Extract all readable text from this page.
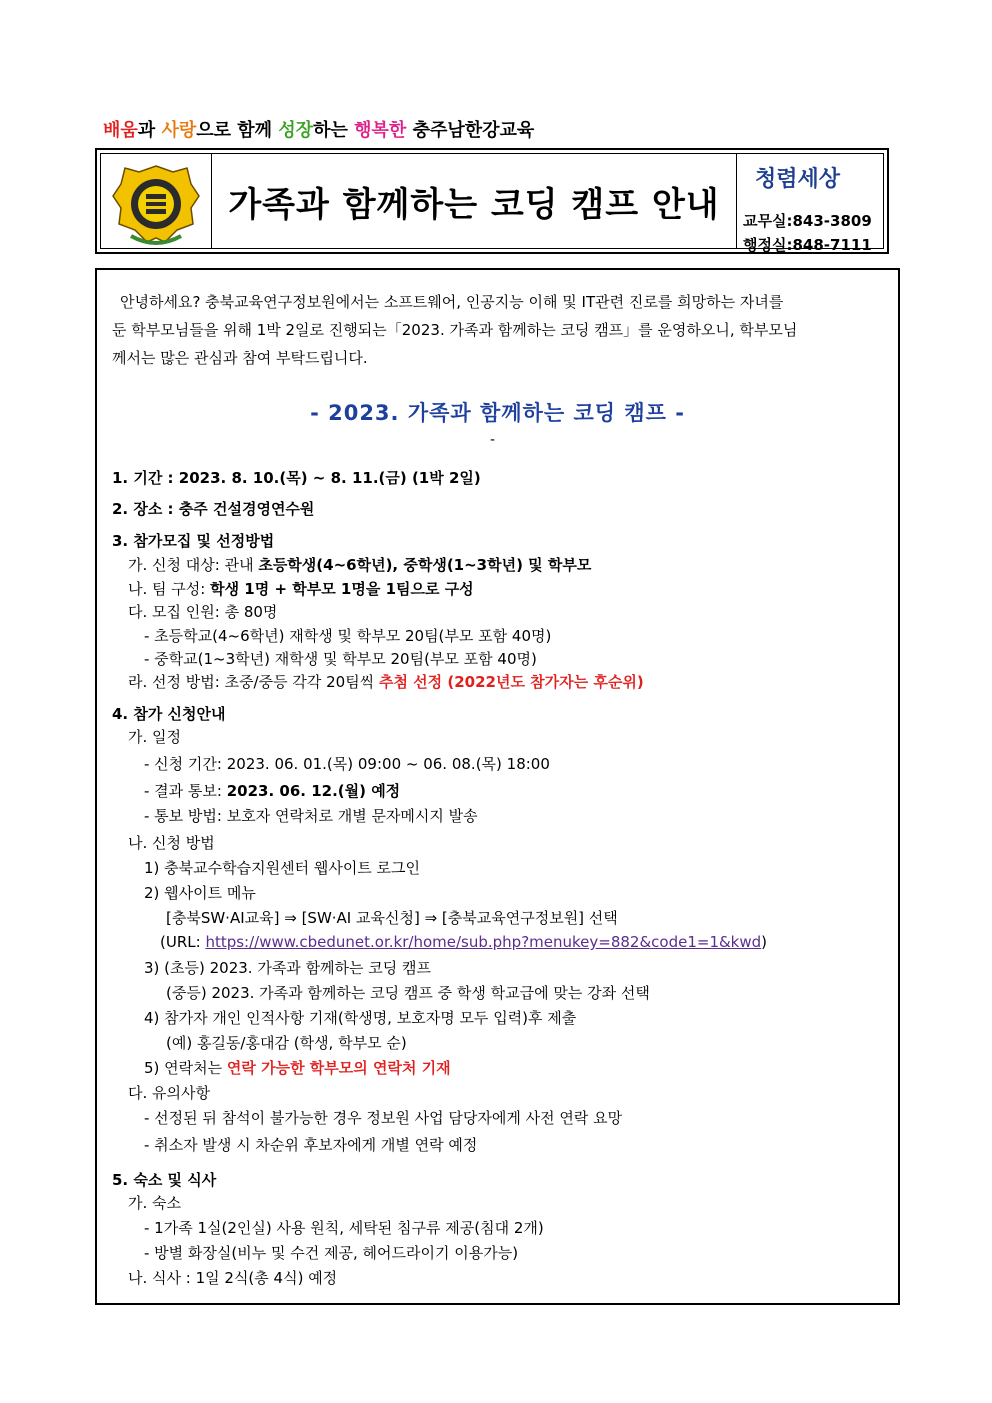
배움과 사랑으로 함께 성장하는 행복한 충주남한강교육
가족과 함께하는 코딩 캠프 안내
청렴세상
교무실:843-3809
행정실:848-7111
안녕하세요? 충북교육연구정보원에서는 소프트웨어, 인공지능 이해 및 IT관련 진로를 희망하는 자녀를
둔 학부모님들을 위해 1박 2일로 진행되는「2023. 가족과 함께하는 코딩 캠프」를 운영하오니, 학부모님
께서는 많은 관심과 참여 부탁드립니다.
- 2023. 가족과 함께하는 코딩 캠프 -
-
1. 기간 : 2023. 8. 10.(목) ~ 8. 11.(금) (1박 2일)
2. 장소 : 충주 건설경영연수원
3. 참가모집 및 선정방법
가. 신청 대상: 관내 초등학생(4~6학년), 중학생(1~3학년) 및 학부모
나. 팀 구성: 학생 1명 + 학부모 1명을 1팀으로 구성
다. 모집 인원: 총 80명
- 초등학교(4~6학년) 재학생 및 학부모 20팀(부모 포함 40명)
- 중학교(1~3학년) 재학생 및 학부모 20팀(부모 포함 40명)
라. 선정 방법: 초중/중등 각각 20팀씩 추첨 선정 (2022년도 참가자는 후순위)
4. 참가 신청안내
가. 일정
- 신청 기간: 2023. 06. 01.(목) 09:00 ~ 06. 08.(목) 18:00
- 결과 통보: 2023. 06. 12.(월) 예정
- 통보 방법: 보호자 연락처로 개별 문자메시지 발송
나. 신청 방법
1) 충북교수학습지원센터 웹사이트 로그인
2) 웹사이트 메뉴
[충북SW·AI교육] ⇒ [SW·AI 교육신청] ⇒ [충북교육연구정보원] 선택
(URL: https://www.cbedunet.or.kr/home/sub.php?menukey=882&code1=1&kwd)
3) (초등) 2023. 가족과 함께하는 코딩 캠프
(중등) 2023. 가족과 함께하는 코딩 캠프 중 학생 학교급에 맞는 강좌 선택
4) 참가자 개인 인적사항 기재(학생명, 보호자명 모두 입력)후 제출
(예) 홍길동/홍대감 (학생, 학부모 순)
5) 연락처는 연락 가능한 학부모의 연락처 기재
다. 유의사항
- 선정된 뒤 참석이 불가능한 경우 정보원 사업 담당자에게 사전 연락 요망
- 취소자 발생 시 차순위 후보자에게 개별 연락 예정
5. 숙소 및 식사
가. 숙소
- 1가족 1실(2인실) 사용 원칙, 세탁된 침구류 제공(침대 2개)
- 방별 화장실(비누 및 수건 제공, 헤어드라이기 이용가능)
나. 식사 : 1일 2식(총 4식) 예정
